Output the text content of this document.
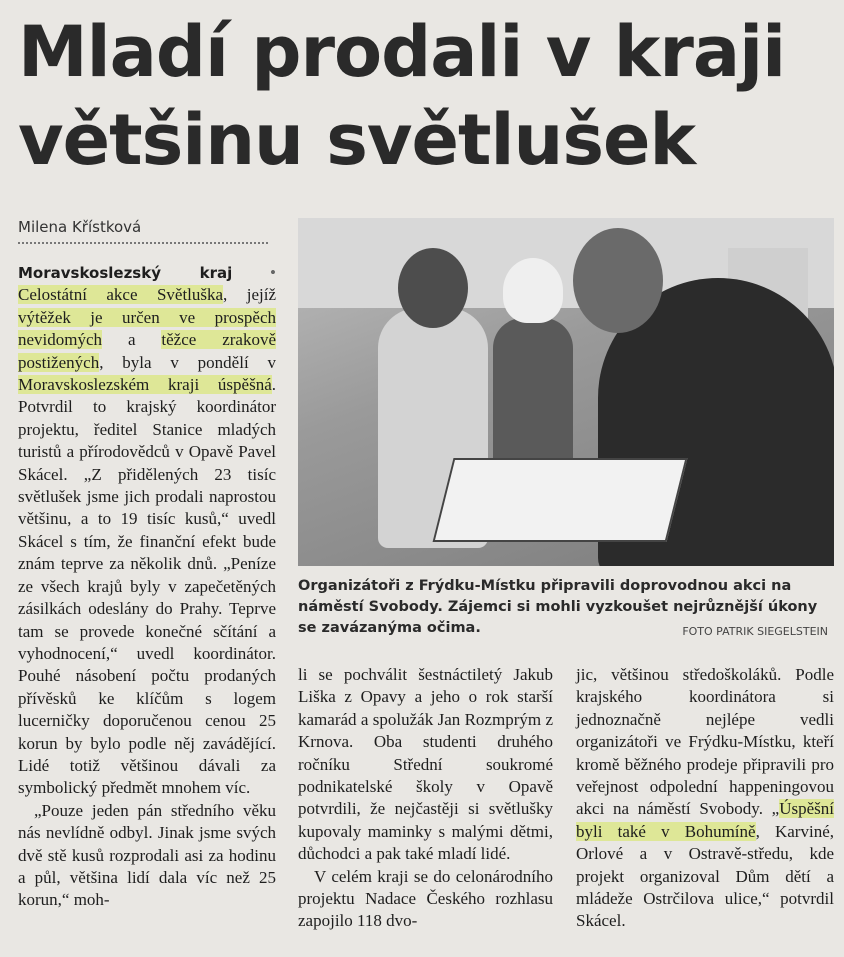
Mladí prodali v kraji
většinu světlušek
Milena Křístková
Organizátoři z Frýdku-Místku připravili doprovodnou akci na náměstí Svobody. Zájemci si mohli vyzkoušet nejrůznější úkony se zavázanýma očima.	FOTO PATRIK SIEGELSTEIN

Moravskoslezský kraj • Celostátní akce Světluška, jejíž výtěžek je určen ve prospěch nevidomých a těžce zrakově postižených, byla v pondělí v Moravskoslezském kraji úspěšná. Potvrdil to krajský koordinátor projektu, ředitel Stanice mladých turistů a přírodovědců v Opavě Pavel Skácel. „Z přidělených 23 tisíc světlušek jsme jich prodali naprostou většinu, a to 19 tisíc kusů,“ uvedl Skácel s tím, že finanční efekt bude znám teprve za několik dnů. „Peníze ze všech krajů byly v zapečetěných zásilkách odeslány do Prahy. Teprve tam se provede konečné sčítání a vyhodnocení,“ uvedl koordinátor. Pouhé násobení počtu prodaných přívěsků ke klíčům s logem lucerničky doporučenou cenou 25 korun by bylo podle něj zavádějící. Lidé totiž většinou dávali za symbolický předmět mnohem víc.

„Pouze jeden pán středního věku nás nevlídně odbyl. Jinak jsme svých dvě stě kusů rozprodali asi za hodinu a půl, většina lidí dala víc než 25 korun,“ moh-

li se pochválit šestnáctiletý Jakub Liška z Opavy a jeho o rok starší kamarád a spolužák Jan Rozmprým z Krnova. Oba studenti druhého ročníku Střední soukromé podnikatelské školy v Opavě potvrdili, že nejčastěji si světlušky kupovaly maminky s malými dětmi, důchodci a pak také mladí lidé.

V celém kraji se do celonárodního projektu Nadace Českého rozhlasu zapojilo 118 dvo-

jic, většinou středoškoláků. Podle krajského koordinátora si jednoznačně nejlépe vedli organizátoři ve Frýdku-Místku, kteří kromě běžného prodeje připravili pro veřejnost odpolední happeningovou akci na náměstí Svobody. „Úspěšní byli také v Bohumíně, Karviné, Orlové a v Ostravě-středu, kde projekt organizoval Dům dětí a mládeže Ostrčilova ulice,“ potvrdil Skácel.
